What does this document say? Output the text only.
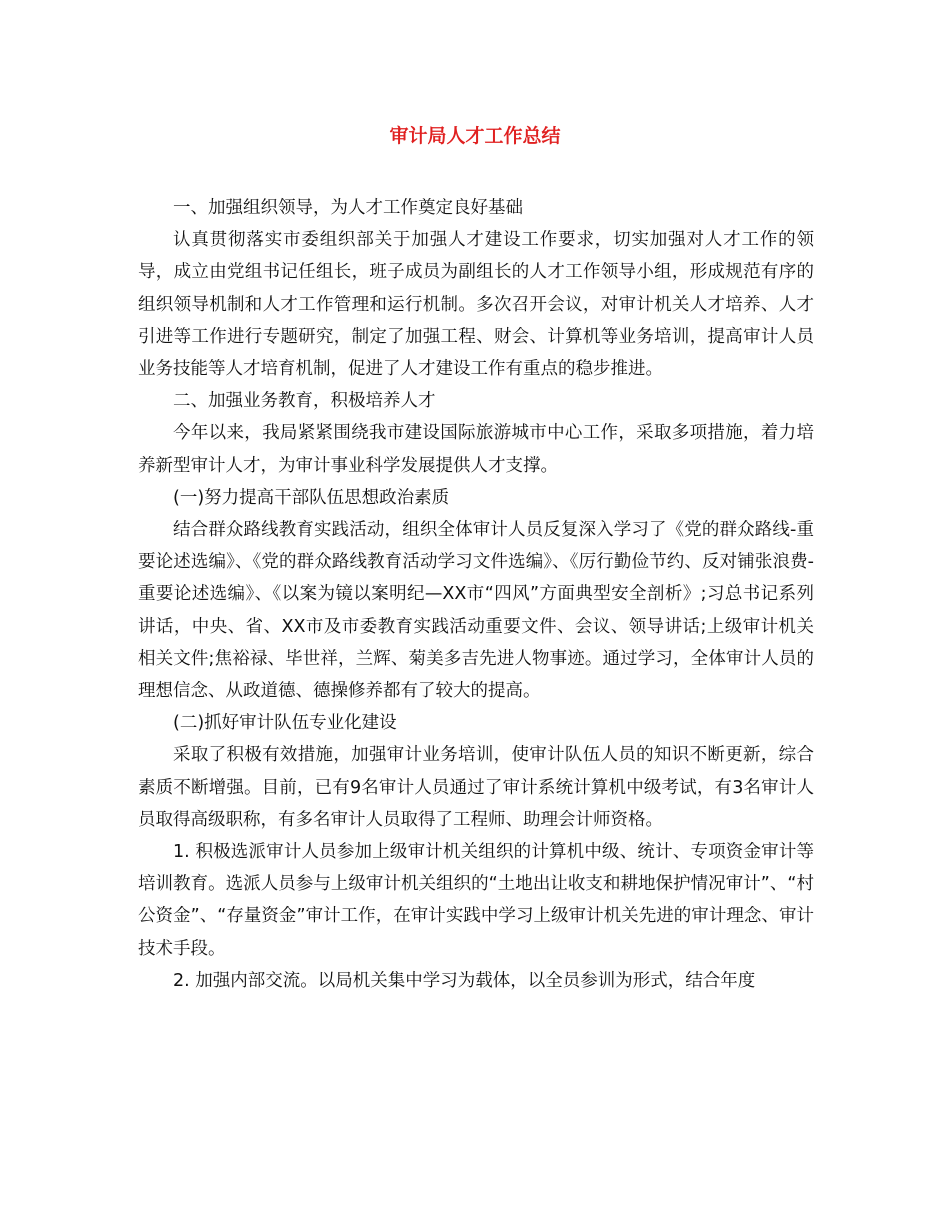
审计局人才工作总结

一、加强组织领导，为人才工作奠定良好基础

认真贯彻落实市委组织部关于加强人才建设工作要求，切实加强对人才工作的领导，成立由党组书记任组长，班子成员为副组长的人才工作领导小组，形成规范有序的组织领导机制和人才工作管理和运行机制。多次召开会议，对审计机关人才培养、人才引进等工作进行专题研究，制定了加强工程、财会、计算机等业务培训，提高审计人员业务技能等人才培育机制，促进了人才建设工作有重点的稳步推进。

二、加强业务教育，积极培养人才

今年以来，我局紧紧围绕我市建设国际旅游城市中心工作，采取多项措施，着力培养新型审计人才，为审计事业科学发展提供人才支撑。

(一)努力提高干部队伍思想政治素质

结合群众路线教育实践活动，组织全体审计人员反复深入学习了《党的群众路线-重要论述选编》、《党的群众路线教育活动学习文件选编》、《厉行勤俭节约、反对铺张浪费-重要论述选编》、《以案为镜以案明纪—XX市“四风”方面典型安全剖析》;习总书记系列讲话，中央、省、XX市及市委教育实践活动重要文件、会议、领导讲话;上级审计机关相关文件;焦裕禄、毕世祥，兰辉、菊美多吉先进人物事迹。通过学习，全体审计人员的理想信念、从政道德、德操修养都有了较大的提高。

(二)抓好审计队伍专业化建设

采取了积极有效措施，加强审计业务培训，使审计队伍人员的知识不断更新，综合素质不断增强。目前，已有9名审计人员通过了审计系统计算机中级考试，有3名审计人员取得高级职称，有多名审计人员取得了工程师、助理会计师资格。

1. 积极选派审计人员参加上级审计机关组织的计算机中级、统计、专项资金审计等培训教育。选派人员参与上级审计机关组织的“土地出让收支和耕地保护情况审计”、“村公资金”、“存量资金”审计工作，在审计实践中学习上级审计机关先进的审计理念、审计技术手段。

2. 加强内部交流。以局机关集中学习为载体，以全员参训为形式，结合年度
